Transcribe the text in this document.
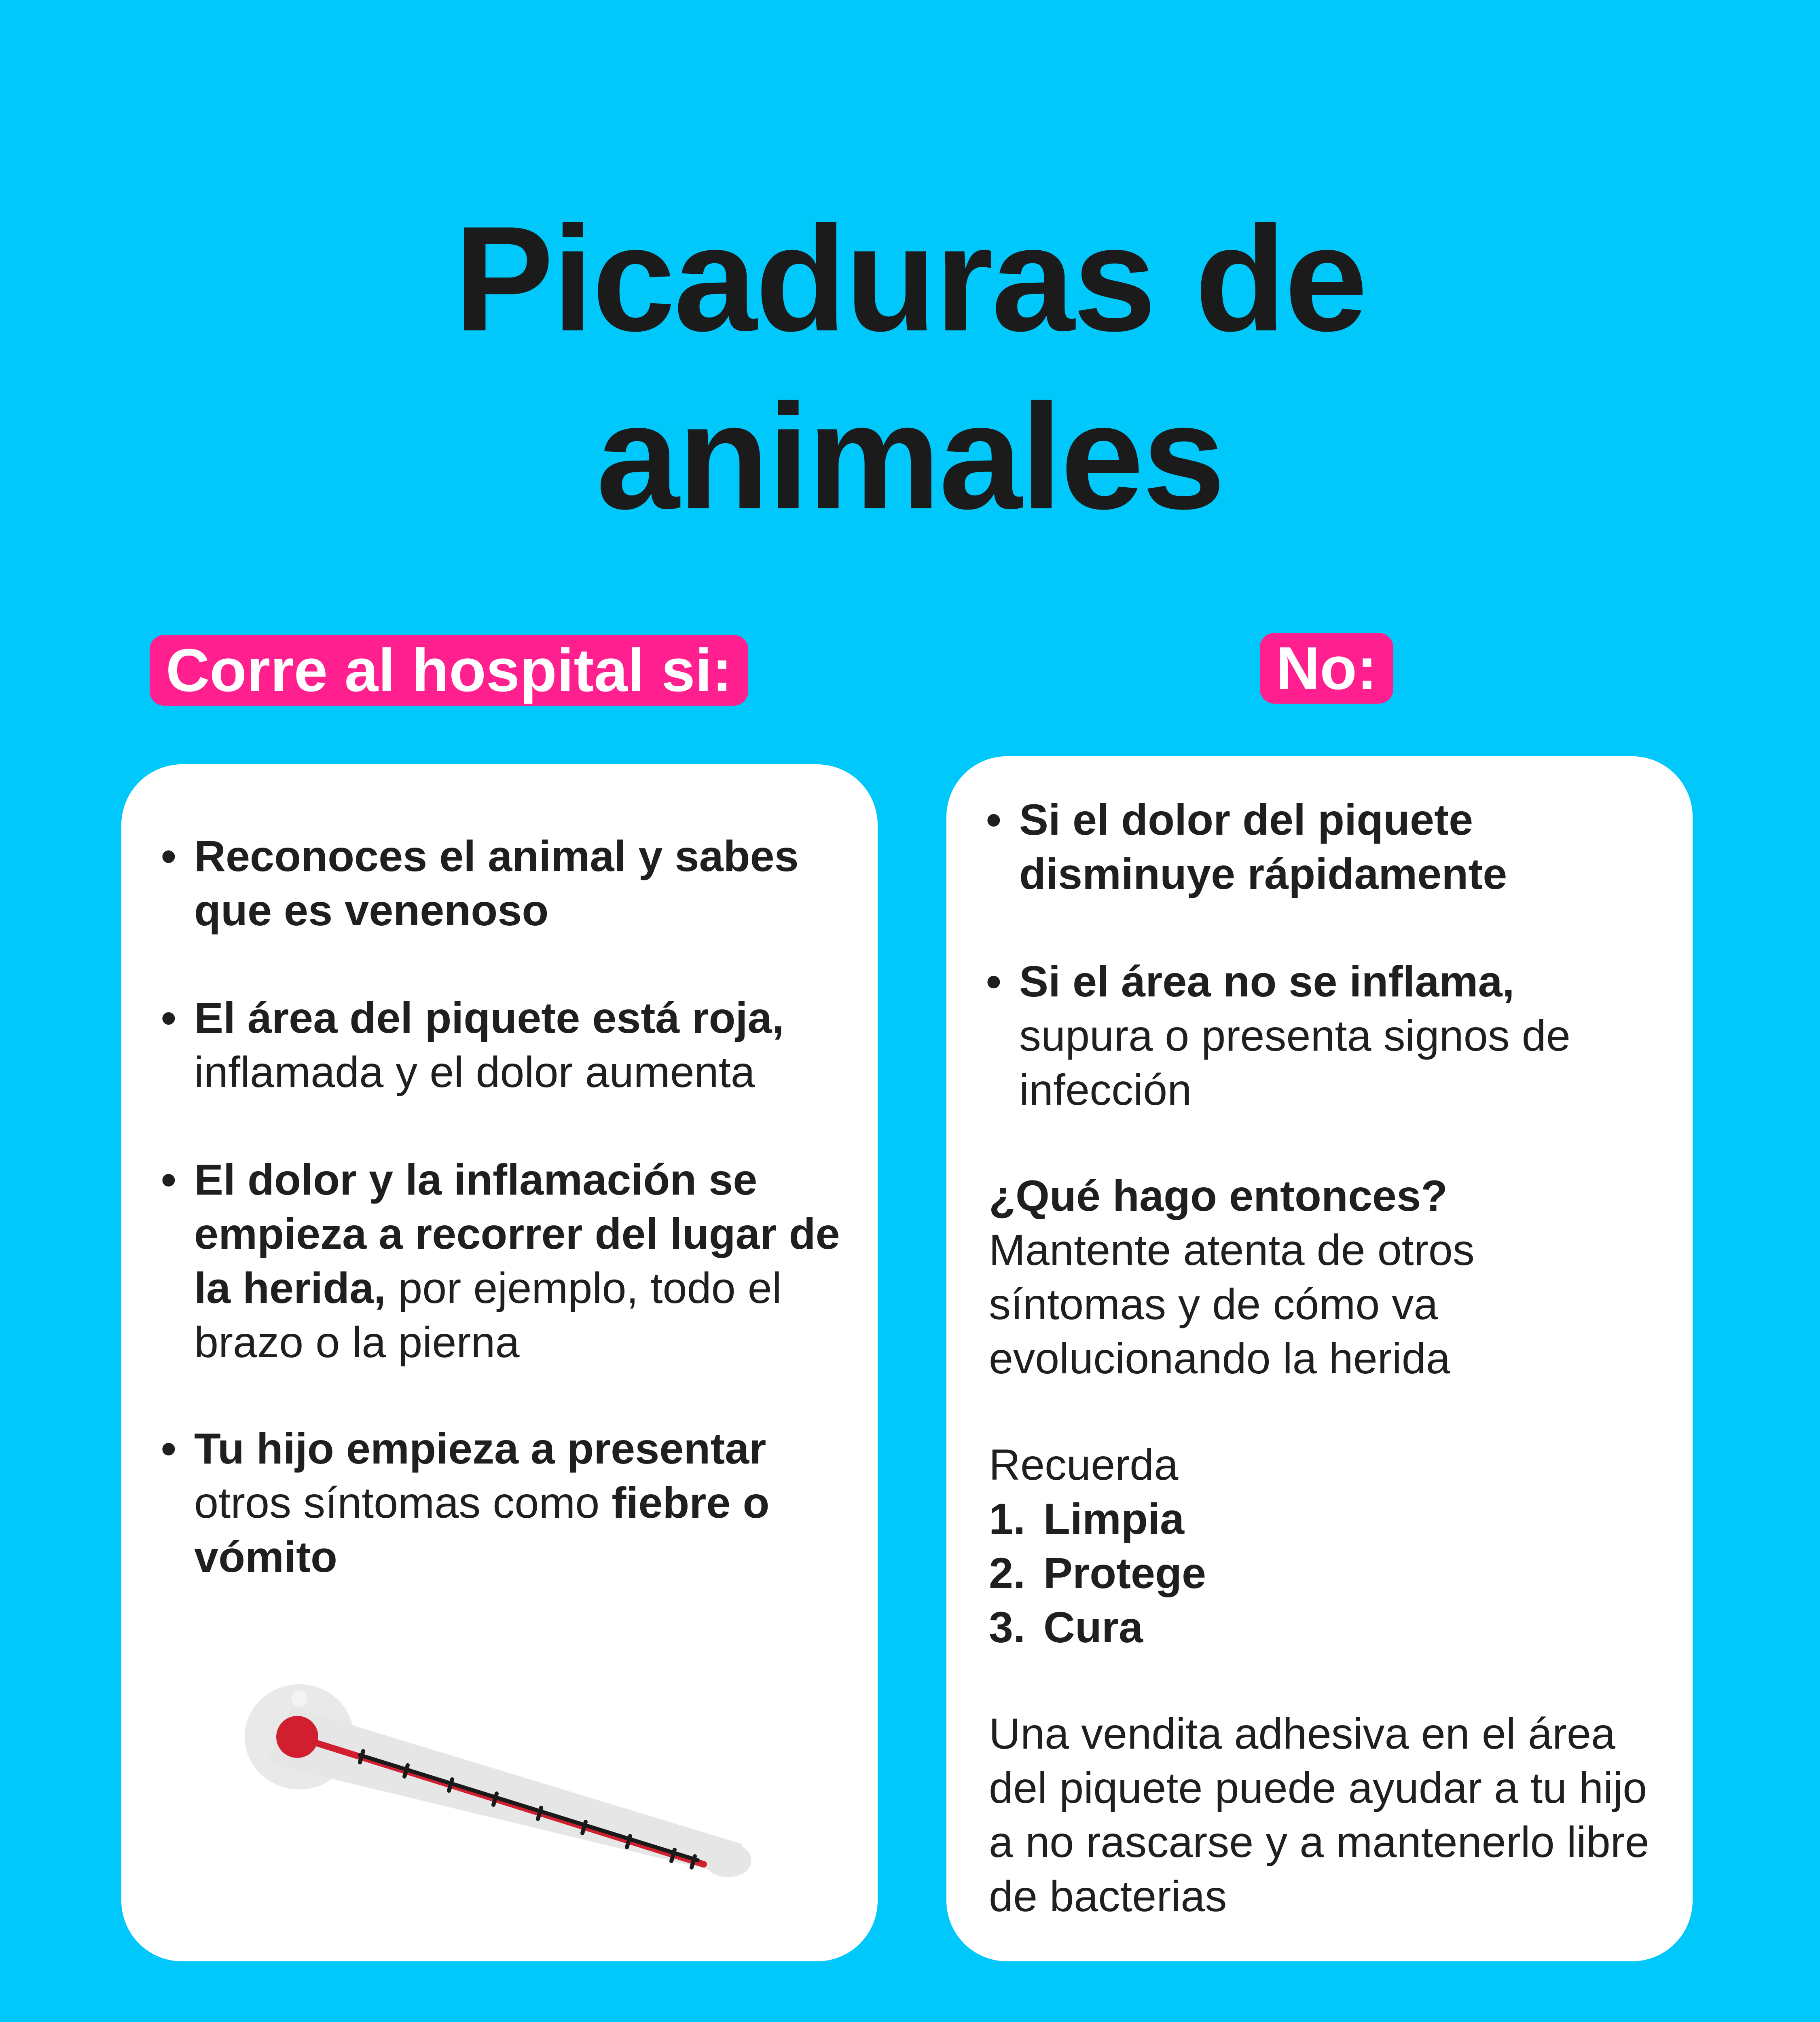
Picaduras de
animales
Corre al hospital si:	No:
• Reconoces el animal y sabes que es venenoso
• El área del piquete está roja, inflamada y el dolor aumenta
• El dolor y la inflamación se empieza a recorrer del lugar de la herida, por ejemplo, todo el brazo o la pierna
• Tu hijo empieza a presentar otros síntomas como fiebre o vómito
• Si el dolor del piquete disminuye rápidamente
• Si el área no se inflama, supura o presenta signos de infección
¿Qué hago entonces?
Mantente atenta de otros síntomas y de cómo va evolucionando la herida
Recuerda
1. Limpia
2. Protege
3. Cura
Una vendita adhesiva en el área del piquete puede ayudar a tu hijo a no rascarse y a mantenerlo libre de bacterias
